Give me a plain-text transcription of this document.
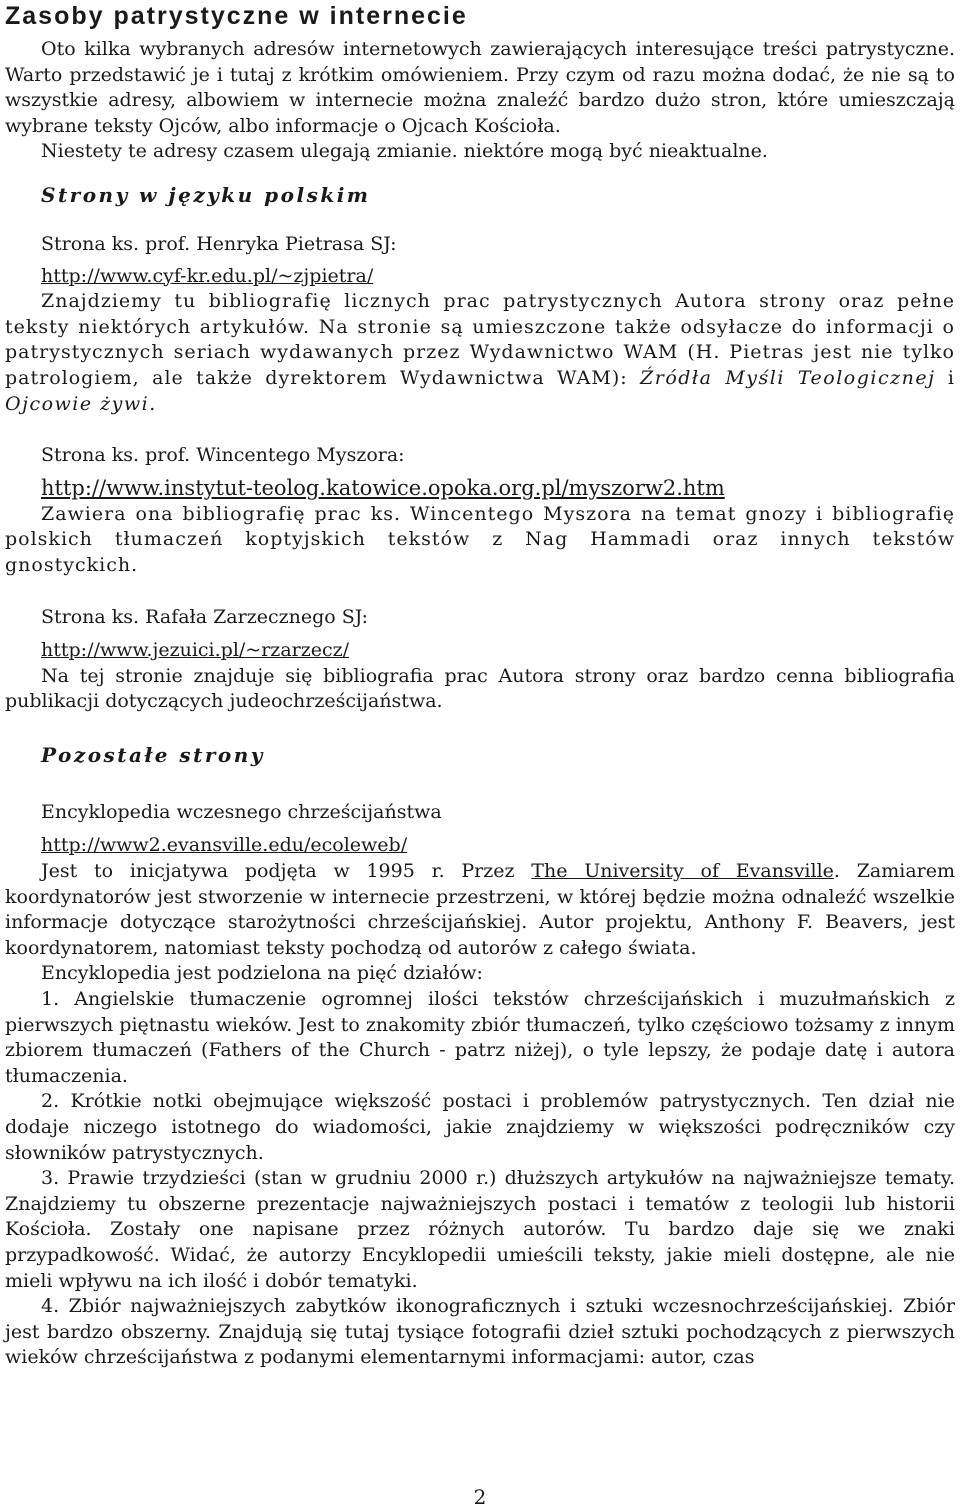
Zasoby patrystyczne w internecie

Oto kilka wybranych adresów internetowych zawierających interesujące treści patrystyczne. Warto przedstawić je i tutaj z krótkim omówieniem. Przy czym od razu można dodać, że nie są to wszystkie adresy, albowiem w internecie można znaleźć bardzo dużo stron, które umieszczają wybrane teksty Ojców, albo informacje o Ojcach Kościoła.

Niestety te adresy czasem ulegają zmianie. niektóre mogą być nieaktualne.

Strony w języku polskim

Strona ks. prof. Henryka Pietrasa SJ:

http://www.cyf-kr.edu.pl/~zjpietra/

Znajdziemy tu bibliografię licznych prac patrystycznych Autora strony oraz pełne teksty niektórych artykułów. Na stronie są umieszczone także odsyłacze do informacji o patrystycznych seriach wydawanych przez Wydawnictwo WAM (H. Pietras jest nie tylko patrologiem, ale także dyrektorem Wydawnictwa WAM): Źródła Myśli Teologicznej i Ojcowie żywi.

Strona ks. prof. Wincentego Myszora:

http://www.instytut-teolog.katowice.opoka.org.pl/myszorw2.htm

Zawiera ona bibliografię prac ks. Wincentego Myszora na temat gnozy i bibliografię polskich tłumaczeń koptyjskich tekstów z Nag Hammadi oraz innych tekstów gnostyckich.

Strona ks. Rafała Zarzecznego SJ:

http://www.jezuici.pl/~rzarzecz/

Na tej stronie znajduje się bibliografia prac Autora strony oraz bardzo cenna bibliografia publikacji dotyczących judeochrześcijaństwa.

Pozostałe strony

Encyklopedia wczesnego chrześcijaństwa

http://www2.evansville.edu/ecoleweb/

Jest to inicjatywa podjęta w 1995 r. Przez The University of Evansville. Zamiarem koordynatorów jest stworzenie w internecie przestrzeni, w której będzie można odnaleźć wszelkie informacje dotyczące starożytności chrześcijańskiej. Autor projektu, Anthony F. Beavers, jest koordynatorem, natomiast teksty pochodzą od autorów z całego świata.

Encyklopedia jest podzielona na pięć działów:

1. Angielskie tłumaczenie ogromnej ilości tekstów chrześcijańskich i muzułmańskich z pierwszych piętnastu wieków. Jest to znakomity zbiór tłumaczeń, tylko częściowo tożsamy z innym zbiorem tłumaczeń (Fathers of the Church - patrz niżej), o tyle lepszy, że podaje datę i autora tłumaczenia.

2. Krótkie notki obejmujące większość postaci i problemów patrystycznych. Ten dział nie dodaje niczego istotnego do wiadomości, jakie znajdziemy w większości podręczników czy słowników patrystycznych.

3. Prawie trzydzieści (stan w grudniu 2000 r.) dłuższych artykułów na najważniejsze tematy. Znajdziemy tu obszerne prezentacje najważniejszych postaci i tematów z teologii lub historii Kościoła. Zostały one napisane przez różnych autorów. Tu bardzo daje się we znaki przypadkowość. Widać, że autorzy Encyklopedii umieścili teksty, jakie mieli dostępne, ale nie mieli wpływu na ich ilość i dobór tematyki.

4. Zbiór najważniejszych zabytków ikonograficznych i sztuki wczesnochrześcijańskiej. Zbiór jest bardzo obszerny. Znajdują się tutaj tysiące fotografii dzieł sztuki pochodzących z pierwszych wieków chrześcijaństwa z podanymi elementarnymi informacjami: autor, czas

2
